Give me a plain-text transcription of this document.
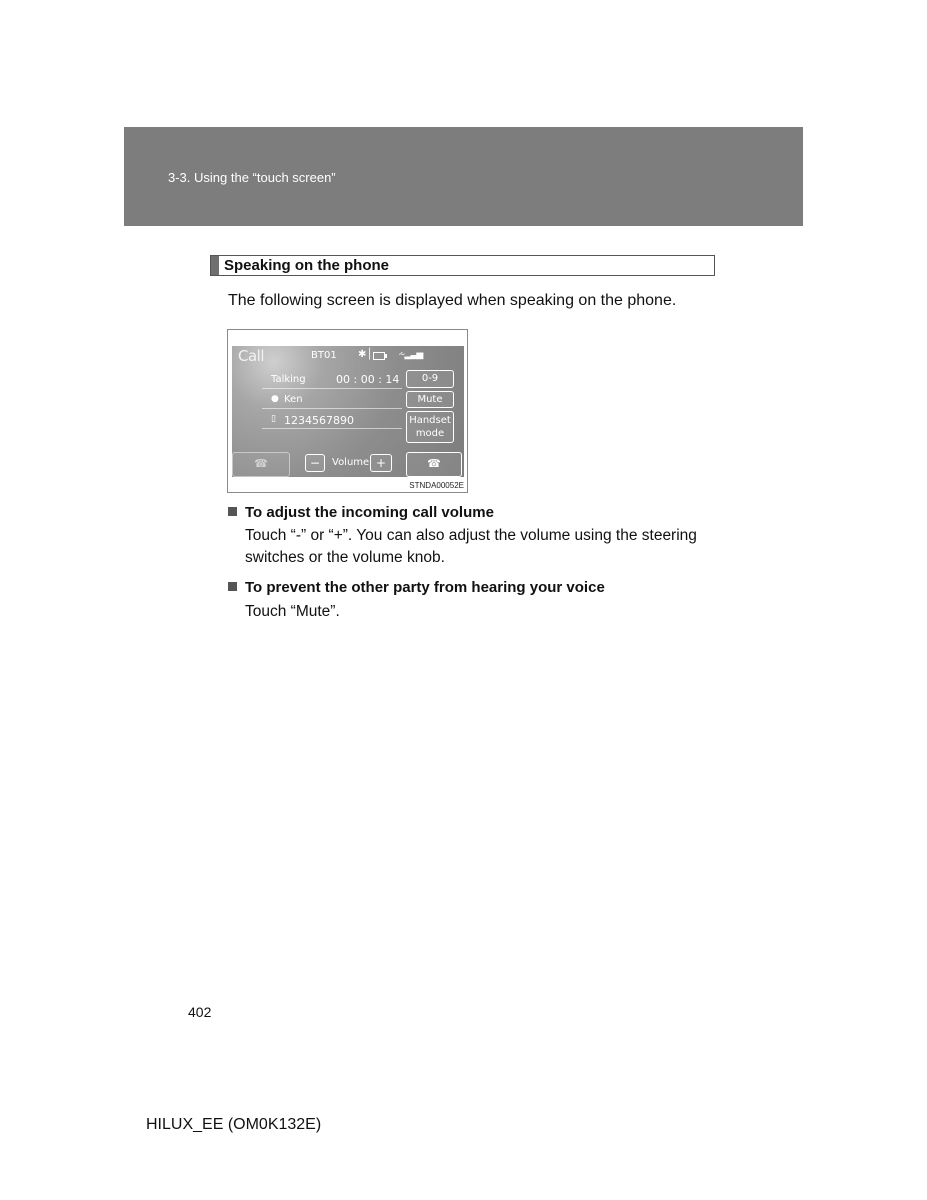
3-3. Using the “touch screen”
Speaking on the phone
The following screen is displayed when speaking on the phone.
Call	BT01 ✱│	⩪▂▃▅
Talking	00 : 00 : 14
● Ken
▯ 1234567890
0-9
Mute
Handset
mode
☎	−	Volume +	☎
STNDA00052E
To adjust the incoming call volume
Touch “-” or “+”. You can also adjust the volume using the steering
switches or the volume knob.
To prevent the other party from hearing your voice
Touch “Mute”.
402
HILUX_EE (OM0K132E)
